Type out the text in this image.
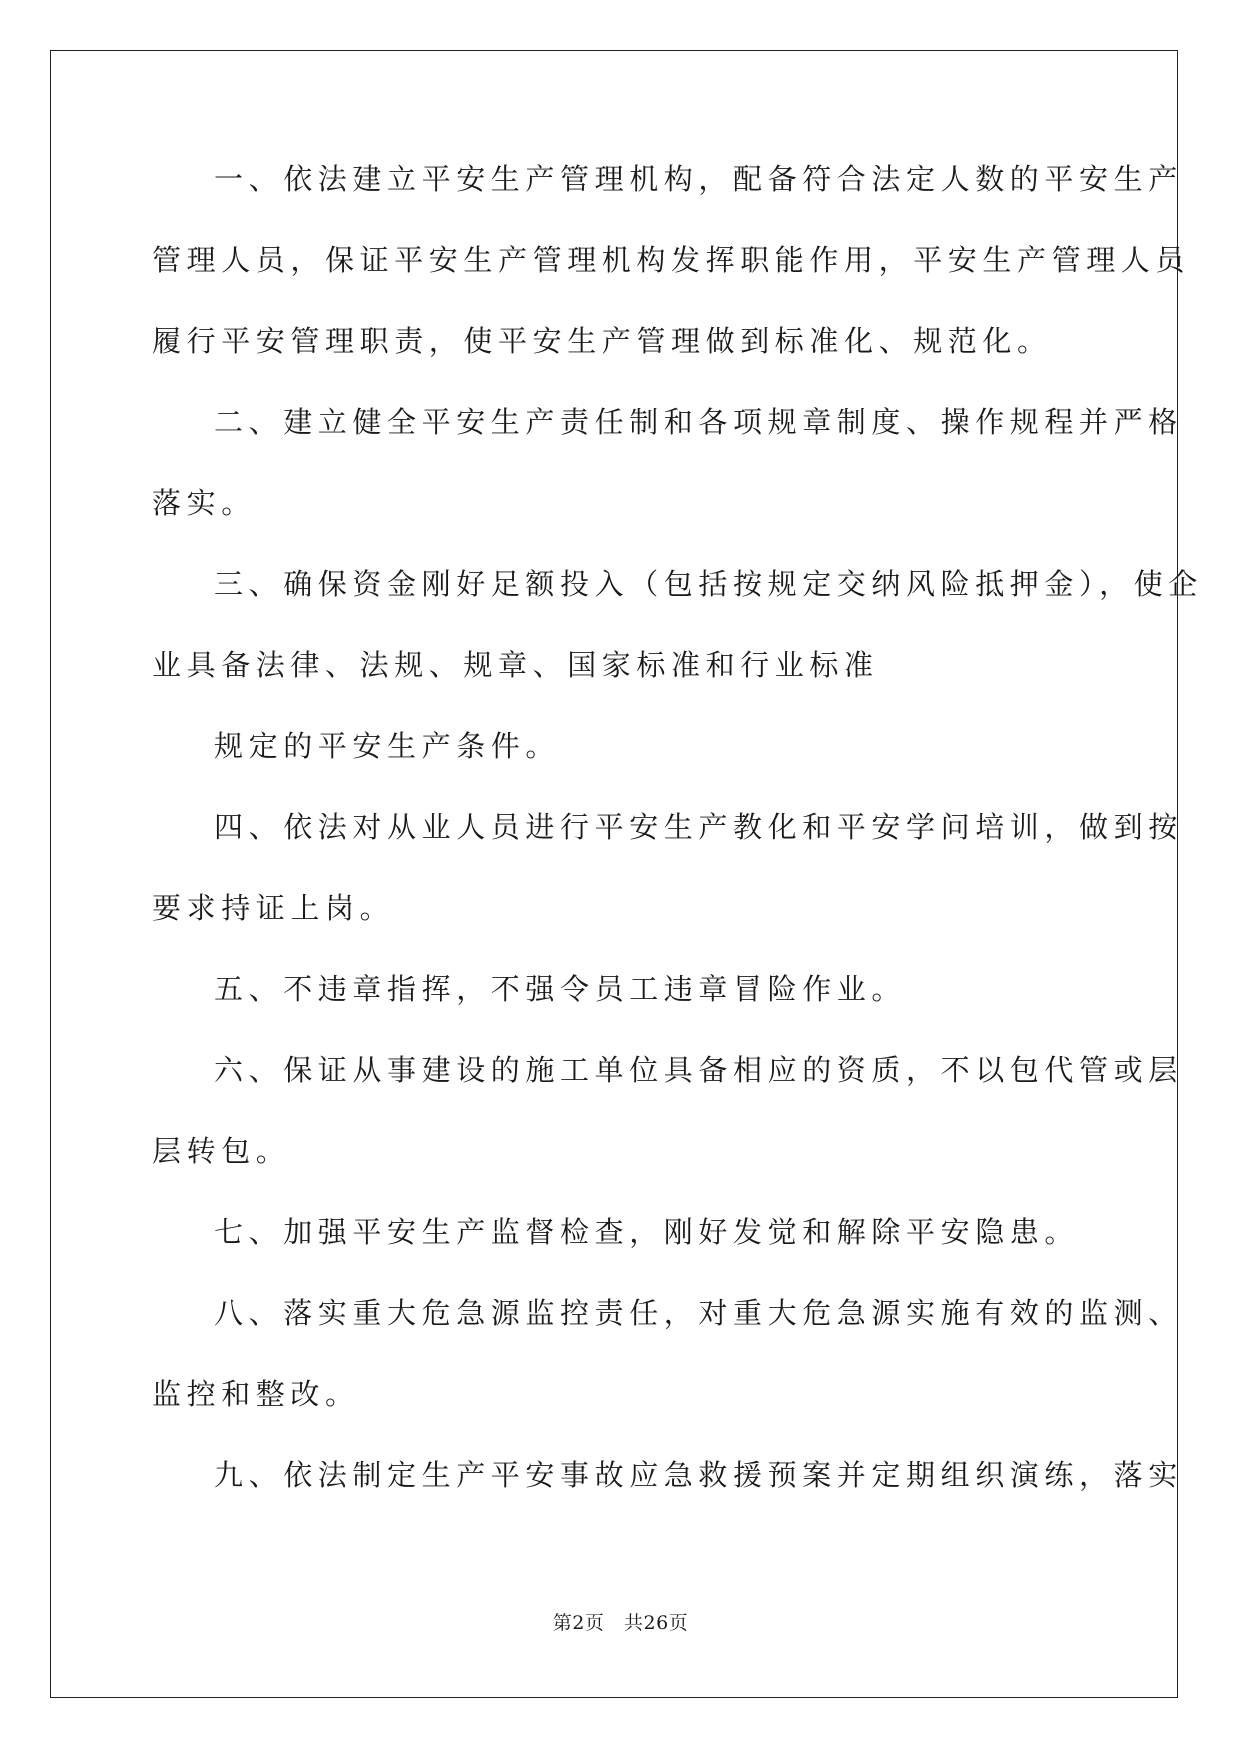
一、依法建立平安生产管理机构，配备符合法定人数的平安生产
管理人员，保证平安生产管理机构发挥职能作用，平安生产管理人员
履行平安管理职责，使平安生产管理做到标准化、规范化。
二、建立健全平安生产责任制和各项规章制度、操作规程并严格
落实。
三、确保资金刚好足额投入（包括按规定交纳风险抵押金），使企
业具备法律、法规、规章、国家标准和行业标准
规定的平安生产条件。
四、依法对从业人员进行平安生产教化和平安学问培训，做到按
要求持证上岗。
五、不违章指挥，不强令员工违章冒险作业。
六、保证从事建设的施工单位具备相应的资质，不以包代管或层
层转包。
七、加强平安生产监督检查，刚好发觉和解除平安隐患。
八、落实重大危急源监控责任，对重大危急源实施有效的监测、
监控和整改。
九、依法制定生产平安事故应急救援预案并定期组织演练，落实
第2页 共26页
